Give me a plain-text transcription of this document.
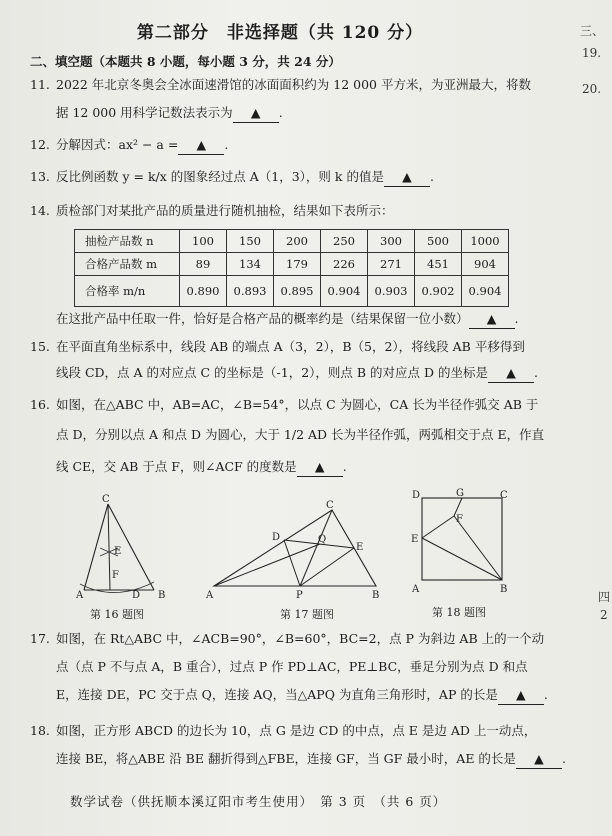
第二部分　非选择题（共 120 分）
二、填空题（本题共 8 小题，每小题 3 分，共 24 分）
11. 2022 年北京冬奥会全冰面速滑馆的冰面面积约为 12 000 平方米，为亚洲最大，将数
据 12 000 用科学记数法表示为 ▲ .
12. 分解因式：ax² − a = ▲ .
13. 反比例函数 y = k/x 的图象经过点 A（1，3），则 k 的值是 ▲ .
14. 质检部门对某批产品的质量进行随机抽检，结果如下表所示：
抽检产品数 n	100	150	200	250	300	500	1000
合格产品数 m	89	134	179	226	271	451	904
合格率 m/n	0.890	0.893	0.895	0.904	0.903	0.902	0.904
在这批产品中任取一件，恰好是合格产品的概率约是（结果保留一位小数） ▲ .
15. 在平面直角坐标系中，线段 AB 的端点 A（3，2），B（5，2），将线段 AB 平移得到
线段 CD，点 A 的对应点 C 的坐标是（-1，2），则点 B 的对应点 D 的坐标是 ▲ .
16. 如图，在△ABC 中，AB=AC，∠B=54°，以点 C 为圆心，CA 长为半径作弧交 AB 于
点 D，分别以点 A 和点 D 为圆心，大于 1/2 AD 长为半径作弧，两弧相交于点 E，作直
线 CE，交 AB 于点 F，则∠ACF 的度数是 ▲ .
C
E
F
A	D B
第 16 题图
C
D	Q
E
A	P	B
第 17 题图
D	G	C
F
E
A	B
第 18 题图
17. 如图，在 Rt△ABC 中，∠ACB=90°，∠B=60°，BC=2，点 P 为斜边 AB 上的一个动
点（点 P 不与点 A，B 重合），过点 P 作 PD⊥AC，PE⊥BC，垂足分别为点 D 和点
E，连接 DE，PC 交于点 Q，连接 AQ，当△APQ 为直角三角形时，AP 的长是 ▲ .
18. 如图，正方形 ABCD 的边长为 10，点 G 是边 CD 的中点，点 E 是边 AD 上一动点，
连接 BE，将△ABE 沿 BE 翻折得到△FBE，连接 GF，当 GF 最小时，AE 的长是 ▲ .
数学试卷（供抚顺本溪辽阳市考生使用）　第 3 页　（共 6 页）
三、
19.
20.
四
2
